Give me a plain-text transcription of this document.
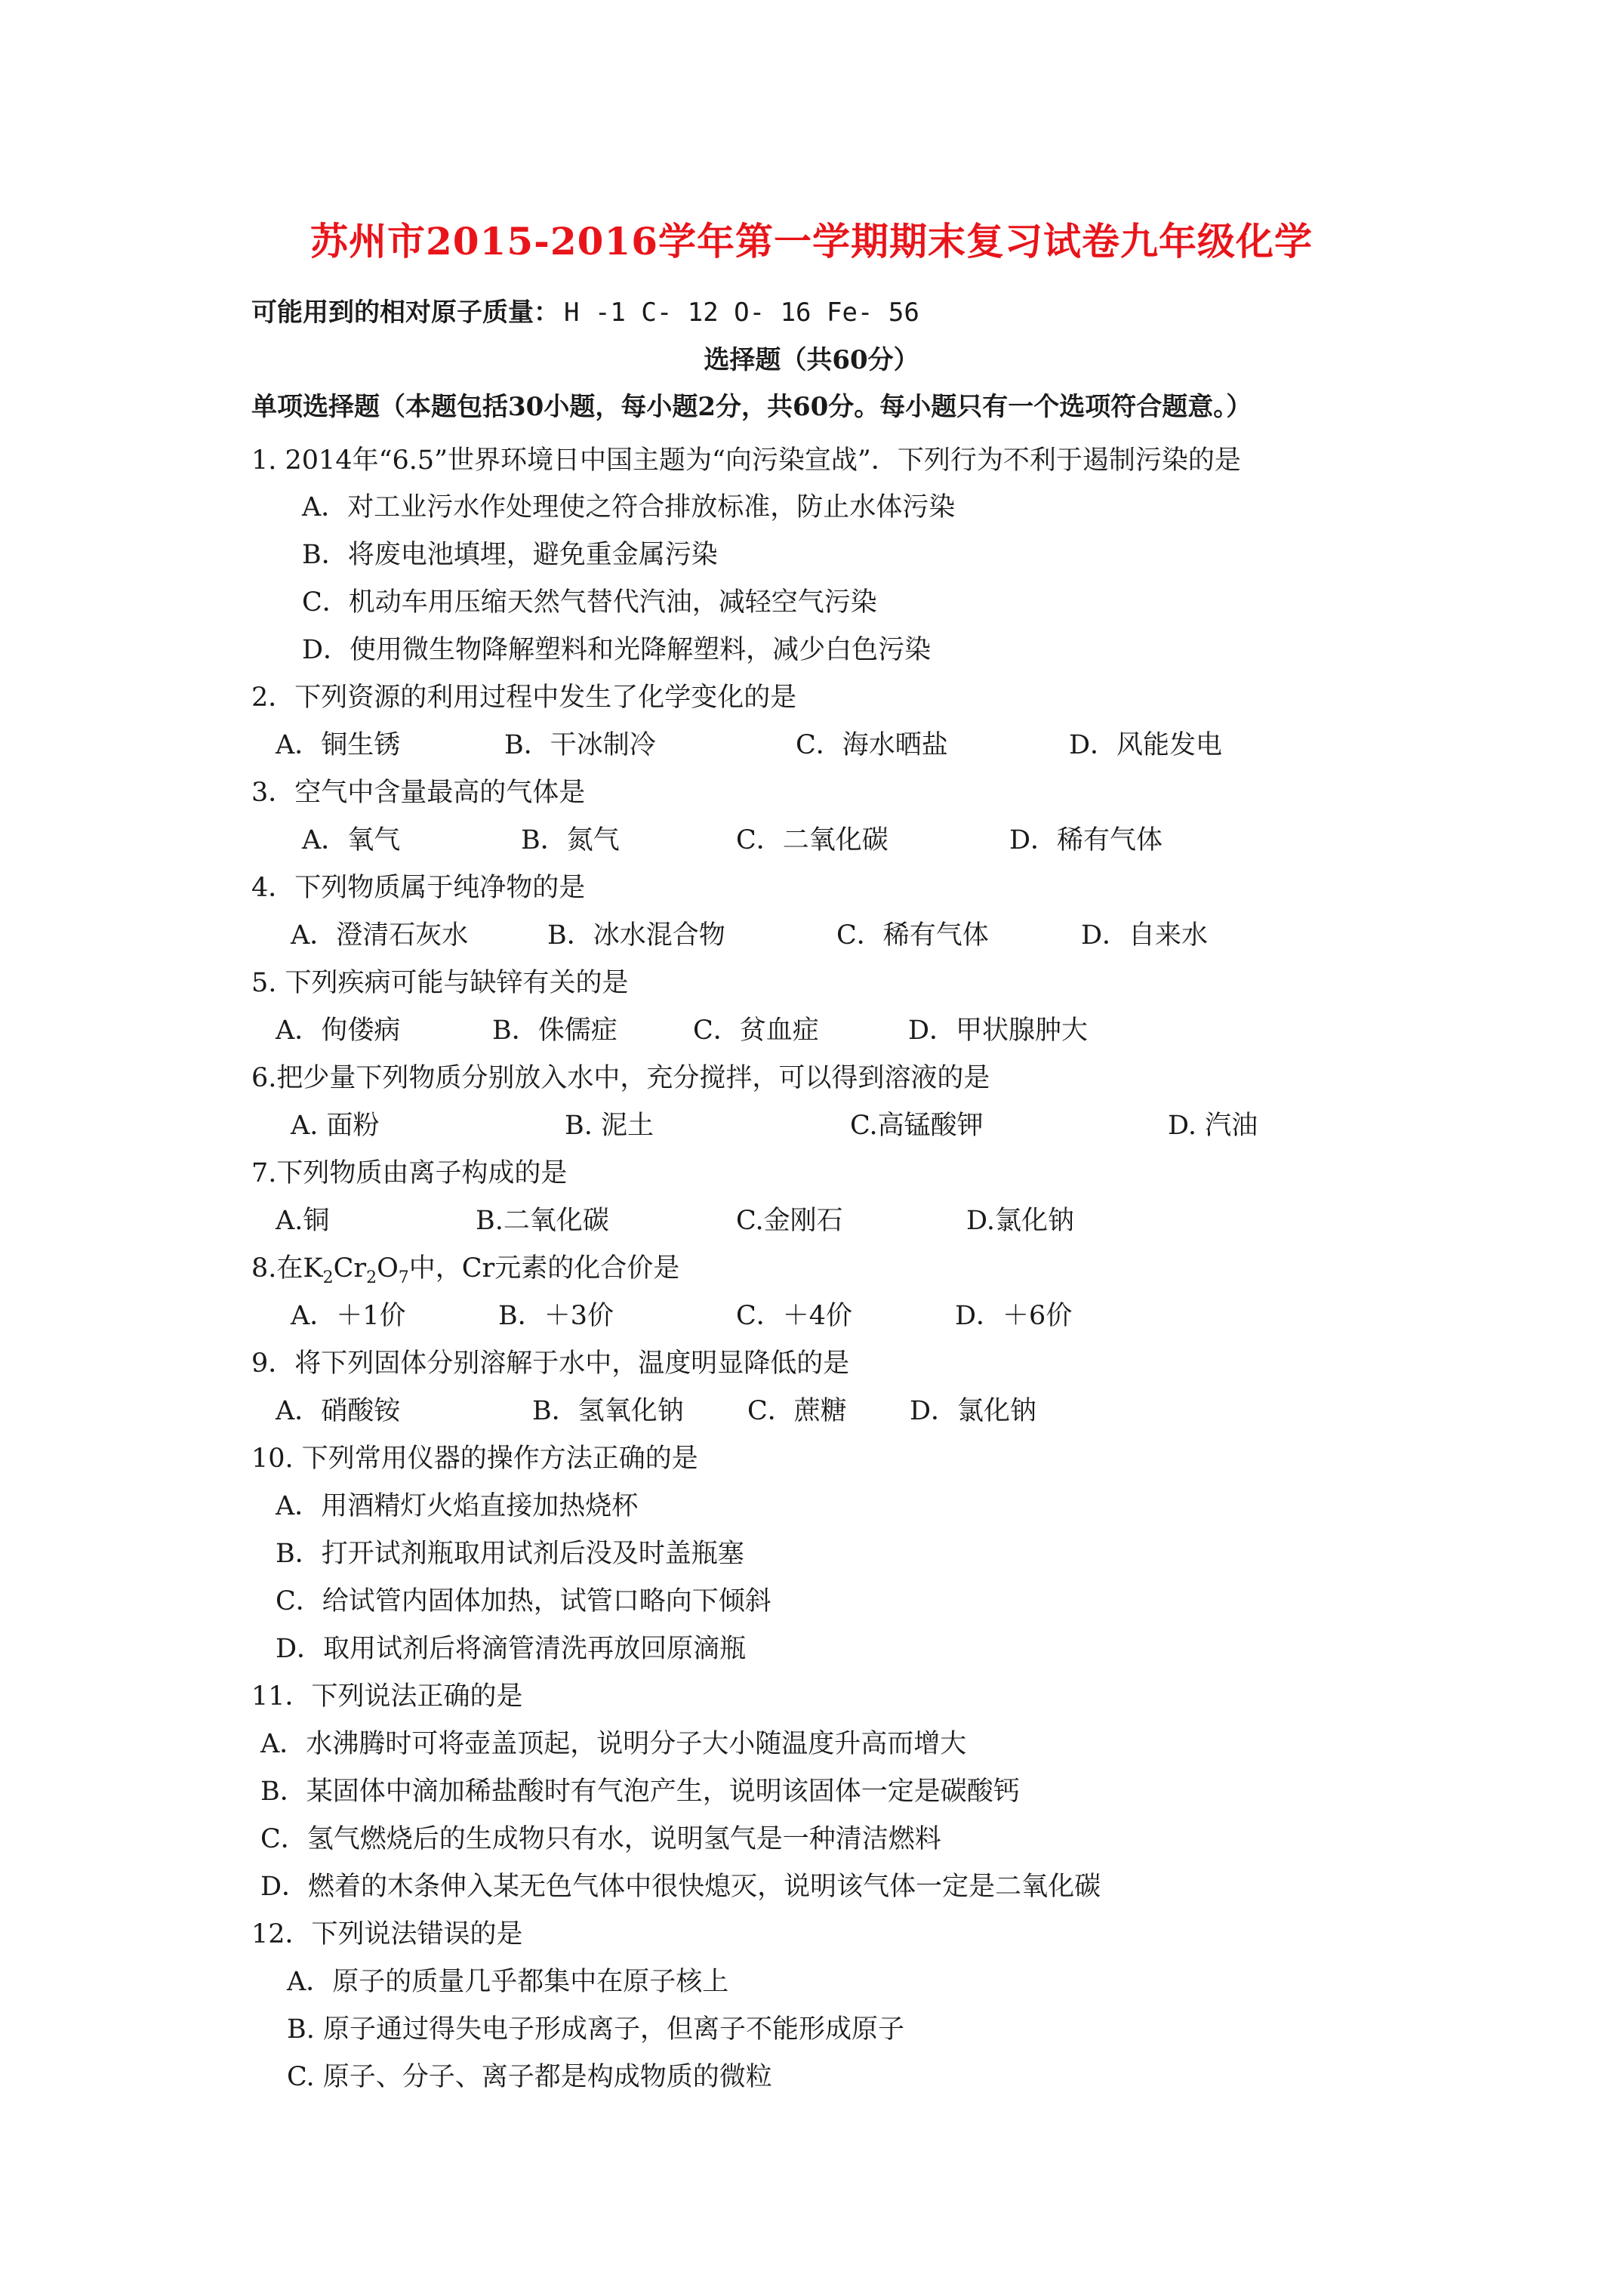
苏州市2015-2016学年第一学期期末复习试卷九年级化学
可能用到的相对原子质量： H -1 C- 12 O- 16 Fe- 56
选择题（共60分）
单项选择题（本题包括30小题，每小题2分，共60分。每小题只有一个选项符合题意。）
1. 2014年“6.5”世界环境日中国主题为“向污染宣战”．下列行为不利于遏制污染的是
A．对工业污水作处理使之符合排放标准，防止水体污染
B．将废电池填埋，避免重金属污染
C．机动车用压缩天然气替代汽油，减轻空气污染
D．使用微生物降解塑料和光降解塑料，减少白色污染
2．下列资源的利用过程中发生了化学变化的是
A．铜生锈	B．干冰制冷	C．海水晒盐	D．风能发电
3．空气中含量最高的气体是
A．氧气	B．氮气	C．二氧化碳	D．稀有气体
4．下列物质属于纯净物的是
A．澄清石灰水	B．冰水混合物	C．稀有气体	D．自来水
5. 下列疾病可能与缺锌有关的是
A．佝偻病	B．侏儒症	C．贫血症	D．甲状腺肿大
6.把少量下列物质分别放入水中，充分搅拌，可以得到溶液的是
A. 面粉	B. 泥土	C.高锰酸钾	D. 汽油
7.下列物质由离子构成的是
A.铜	B.二氧化碳	C.金刚石	D.氯化钠
8.在$K_2Cr_2O_7$中，Cr元素的化合价是
A．＋1价	B．＋3价	C．＋4价	D．＋6价
9．将下列固体分别溶解于水中，温度明显降低的是
A．硝酸铵	B．氢氧化钠 C．蔗糖 D．氯化钠
10. 下列常用仪器的操作方法正确的是
A．用酒精灯火焰直接加热烧杯
B．打开试剂瓶取用试剂后没及时盖瓶塞
C．给试管内固体加热，试管口略向下倾斜
D．取用试剂后将滴管清洗再放回原滴瓶
11．下列说法正确的是
A．水沸腾时可将壶盖顶起，说明分子大小随温度升高而增大
B．某固体中滴加稀盐酸时有气泡产生，说明该固体一定是碳酸钙
C．氢气燃烧后的生成物只有水，说明氢气是一种清洁燃料
D．燃着的木条伸入某无色气体中很快熄灭，说明该气体一定是二氧化碳
12．下列说法错误的是
A．原子的质量几乎都集中在原子核上
B. 原子通过得失电子形成离子，但离子不能形成原子
C. 原子、分子、离子都是构成物质的微粒
